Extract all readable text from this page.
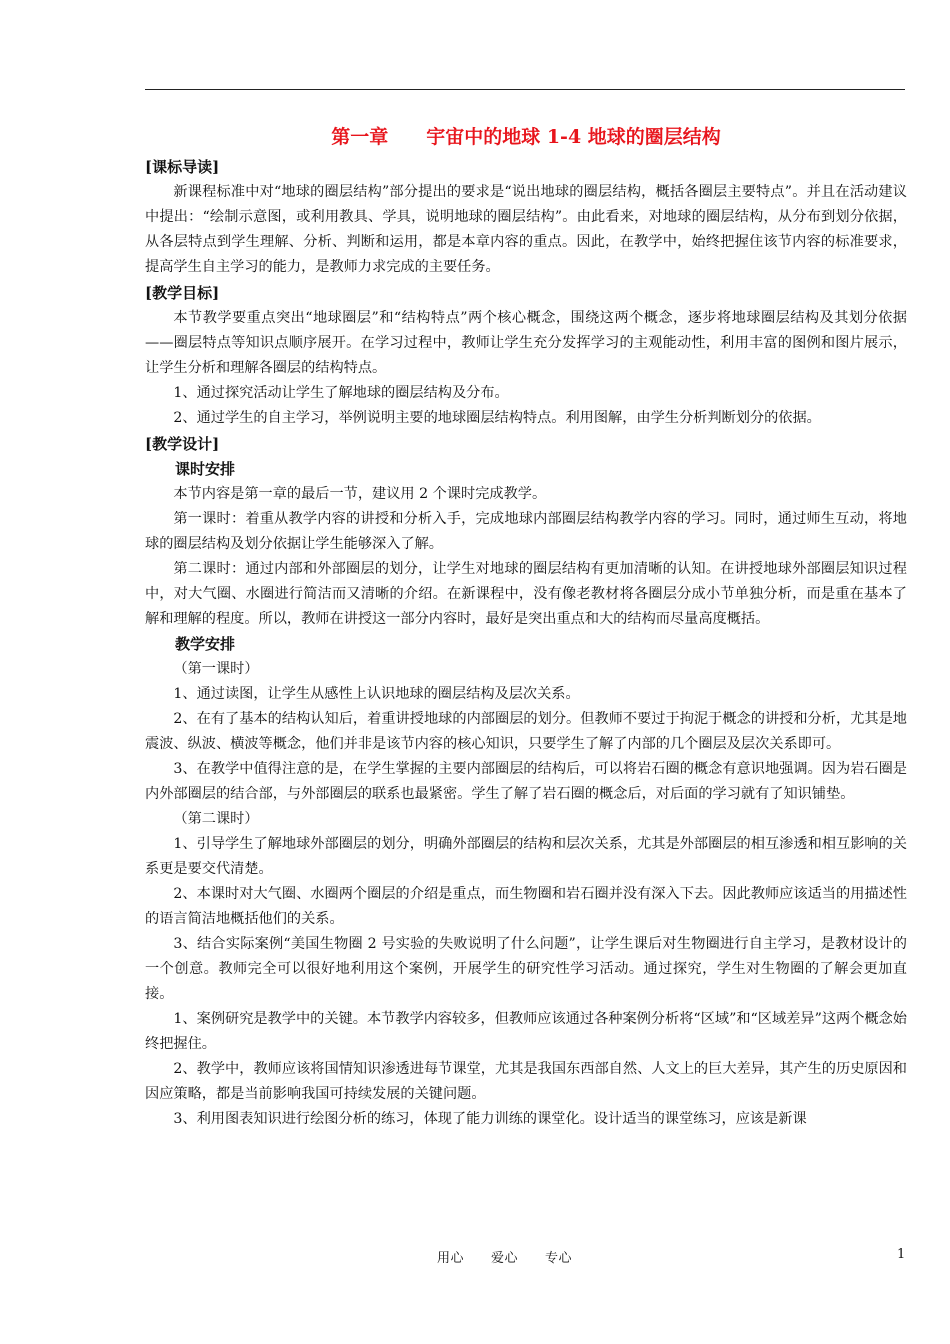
第一章　　宇宙中的地球 1-4 地球的圈层结构
[课标导读]

新课程标准中对“地球的圈层结构”部分提出的要求是“说出地球的圈层结构，概括各圈层主要特点”。并且在活动建议中提出：“绘制示意图，或利用教具、学具，说明地球的圈层结构”。由此看来，对地球的圈层结构，从分布到划分依据，从各层特点到学生理解、分析、判断和运用，都是本章内容的重点。因此，在教学中，始终把握住该节内容的标准要求，提高学生自主学习的能力，是教师力求完成的主要任务。

[教学目标]

本节教学要重点突出“地球圈层”和“结构特点”两个核心概念，围绕这两个概念，逐步将地球圈层结构及其划分依据——圈层特点等知识点顺序展开。在学习过程中，教师让学生充分发挥学习的主观能动性，利用丰富的图例和图片展示，让学生分析和理解各圈层的结构特点。

1、通过探究活动让学生了解地球的圈层结构及分布。

2、通过学生的自主学习，举例说明主要的地球圈层结构特点。利用图解，由学生分析判断划分的依据。

[教学设计]

课时安排

本节内容是第一章的最后一节，建议用 2 个课时完成教学。

第一课时：着重从教学内容的讲授和分析入手，完成地球内部圈层结构教学内容的学习。同时，通过师生互动，将地球的圈层结构及划分依据让学生能够深入了解。

第二课时：通过内部和外部圈层的划分，让学生对地球的圈层结构有更加清晰的认知。在讲授地球外部圈层知识过程中，对大气圈、水圈进行简洁而又清晰的介绍。在新课程中，没有像老教材将各圈层分成小节单独分析，而是重在基本了解和理解的程度。所以，教师在讲授这一部分内容时，最好是突出重点和大的结构而尽量高度概括。

教学安排

（第一课时）

1、通过读图，让学生从感性上认识地球的圈层结构及层次关系。

2、在有了基本的结构认知后，着重讲授地球的内部圈层的划分。但教师不要过于拘泥于概念的讲授和分析，尤其是地震波、纵波、横波等概念，他们并非是该节内容的核心知识，只要学生了解了内部的几个圈层及层次关系即可。

3、在教学中值得注意的是，在学生掌握的主要内部圈层的结构后，可以将岩石圈的概念有意识地强调。因为岩石圈是内外部圈层的结合部，与外部圈层的联系也最紧密。学生了解了岩石圈的概念后，对后面的学习就有了知识铺垫。

（第二课时）

1、引导学生了解地球外部圈层的划分，明确外部圈层的结构和层次关系，尤其是外部圈层的相互渗透和相互影响的关系更是要交代清楚。

2、本课时对大气圈、水圈两个圈层的介绍是重点，而生物圈和岩石圈并没有深入下去。因此教师应该适当的用描述性的语言简洁地概括他们的关系。

3、结合实际案例“美国生物圈 2 号实验的失败说明了什么问题”，让学生课后对生物圈进行自主学习，是教材设计的一个创意。教师完全可以很好地利用这个案例，开展学生的研究性学习活动。通过探究，学生对生物圈的了解会更加直接。

1、案例研究是教学中的关键。本节教学内容较多，但教师应该通过各种案例分析将“区域”和“区域差异”这两个概念始终把握住。

2、教学中，教师应该将国情知识渗透进每节课堂，尤其是我国东西部自然、人文上的巨大差异，其产生的历史原因和因应策略，都是当前影响我国可持续发展的关键问题。

3、利用图表知识进行绘图分析的练习，体现了能力训练的课堂化。设计适当的课堂练习，应该是新课

用心　　爱心　　专心	1
